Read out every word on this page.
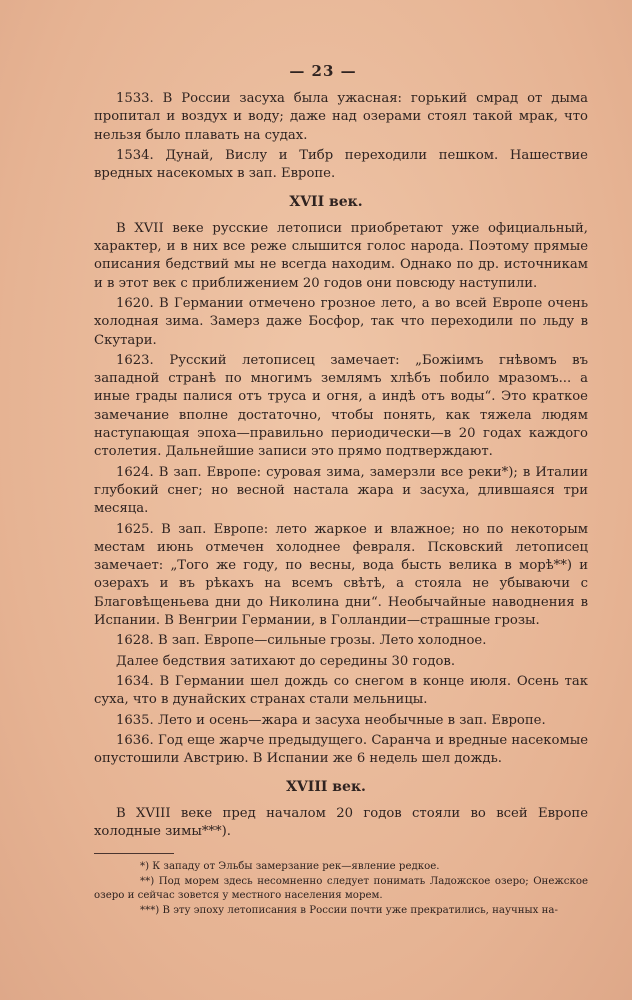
— 23 —

1533. В России засуха была ужасная: горький смрад от дыма пропитал и воздух и воду; даже над озерами стоял такой мрак, что нельзя было плавать на судах.

1534. Дунай, Вислу и Тибр переходили пешком. Нашествие вредных насекомых в зап. Европе.

XVII век.

В XVII веке русские летописи приобретают уже официальный, характер, и в них все реже слышится голос народа. Поэтому прямые описания бедствий мы не всегда находим. Однако по др. источникам и в этот век с приближением 20 годов они повсюду наступили.

1620. В Германии отмечено грозное лето, а во всей Европе очень холодная зима. Замерз даже Босфор, так что переходили по льду в Скутари.

1623. Русский летописец замечает: „Божiимъ гнѣвомъ въ западной странѣ по многимъ землямъ хлѣбъ побило мразомъ... а иные грады палися отъ труса и огня, а индѣ отъ воды“. Это краткое замечание вполне достаточно, чтобы понять, как тяжела людям наступающая эпоха—правильно периодически—в 20 годах каждого столетия. Дальнейшие записи это прямо подтверждают.

1624. В зап. Европе: суровая зима, замерзли все реки*); в Италии глубокий снег; но весной настала жара и засуха, длившаяся три месяца.

1625. В зап. Европе: лето жаркое и влажное; но по некоторым местам июнь отмечен холоднее февраля. Псковский летописец замечает: „Того же году, по весны, вода бысть велика в морѣ**) и озерахъ и въ рѣкахъ на всемъ свѣтѣ, а стояла не убываючи с Благовѣщеньева дни до Николина дни“. Необычайные наводнения в Испании. В Венгрии Германии, в Голландии—страшные грозы.

1628. В зап. Европе—сильные грозы. Лето холодное.

Далее бедствия затихают до середины 30 годов.

1634. В Германии шел дождь со снегом в конце июля. Осень так суха, что в дунайских странах стали мельницы.

1635. Лето и осень—жара и засуха необычные в зап. Европе.

1636. Год еще жарче предыдущего. Саранча и вредные насекомые опустошили Австрию. В Испании же 6 недель шел дождь.

XVIII век.

В XVIII веке пред началом 20 годов стояли во всей Европе холодные зимы***).

*) К западу от Эльбы замерзание рек—явление редкое.

**) Под морем здесь несомненно следует понимать Ладожское озеро; Онежское озеро и сейчас зовется у местного населения морем.

***) В эту эпоху летописания в России почти уже прекратились, научных на-
